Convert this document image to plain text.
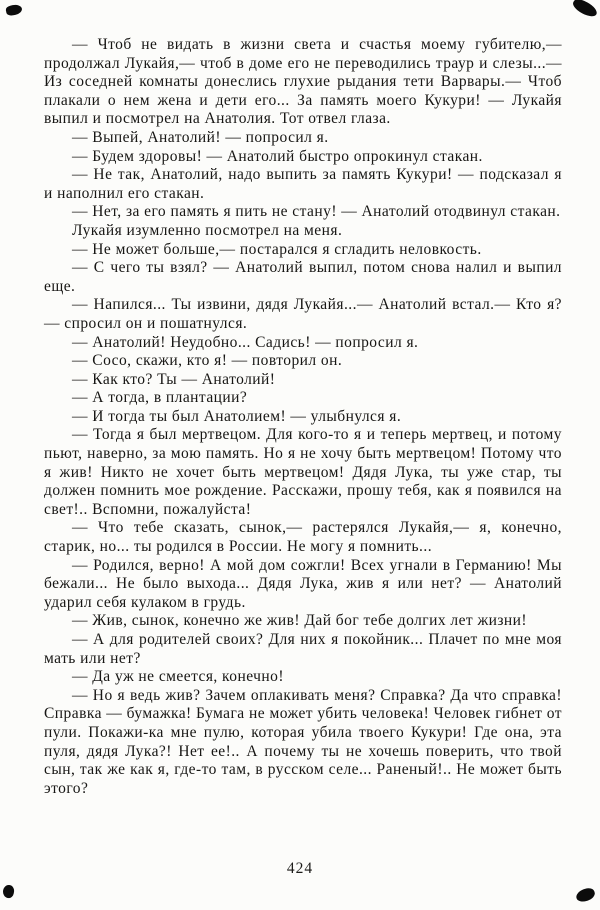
— Чтоб не видать в жизни света и счастья моему губителю,— продолжал Лукайя,— чтоб в доме его не переводились траур и слезы...— Из соседней комнаты донеслись глухие рыдания тети Варвары.— Чтоб плакали о нем жена и дети его... За память моего Кукури! — Лукайя выпил и посмотрел на Анатолия. Тот отвел глаза.

— Выпей, Анатолий! — попросил я.

— Будем здоровы! — Анатолий быстро опрокинул стакан.

— Не так, Анатолий, надо выпить за память Кукури! — подсказал я и наполнил его стакан.

— Нет, за его память я пить не стану! — Анатолий отодвинул стакан.

Лукайя изумленно посмотрел на меня.

— Не может больше,— постарался я сгладить неловкость.

— С чего ты взял? — Анатолий выпил, потом снова налил и выпил еще.

— Напился... Ты извини, дядя Лукайя...— Анатолий встал.— Кто я? — спросил он и пошатнулся.

— Анатолий! Неудобно... Садись! — попросил я.

— Сосо, скажи, кто я! — повторил он.

— Как кто? Ты — Анатолий!

— А тогда, в плантации?

— И тогда ты был Анатолием! — улыбнулся я.

— Тогда я был мертвецом. Для кого-то я и теперь мертвец, и потому пьют, наверно, за мою память. Но я не хочу быть мертвецом! Потому что я жив! Никто не хочет быть мертвецом! Дядя Лука, ты уже стар, ты должен помнить мое рождение. Расскажи, прошу тебя, как я появился на свет!.. Вспомни, пожалуйста!

— Что тебе сказать, сынок,— растерялся Лукайя,— я, конечно, старик, но... ты родился в России. Не могу я помнить...

— Родился, верно! А мой дом сожгли! Всех угнали в Германию! Мы бежали... Не было выхода... Дядя Лука, жив я или нет? — Анатолий ударил себя кулаком в грудь.

— Жив, сынок, конечно же жив! Дай бог тебе долгих лет жизни!

— А для родителей своих? Для них я покойник... Плачет по мне моя мать или нет?

— Да уж не смеется, конечно!

— Но я ведь жив? Зачем оплакивать меня? Справка? Да что справка! Справка — бумажка! Бумага не может убить человека! Человек гибнет от пули. Покажи-ка мне пулю, которая убила твоего Кукури! Где она, эта пуля, дядя Лука?! Нет ее!.. А почему ты не хочешь поверить, что твой сын, так же как я, где-то там, в русском селе... Раненый!.. Не может быть этого?

424
